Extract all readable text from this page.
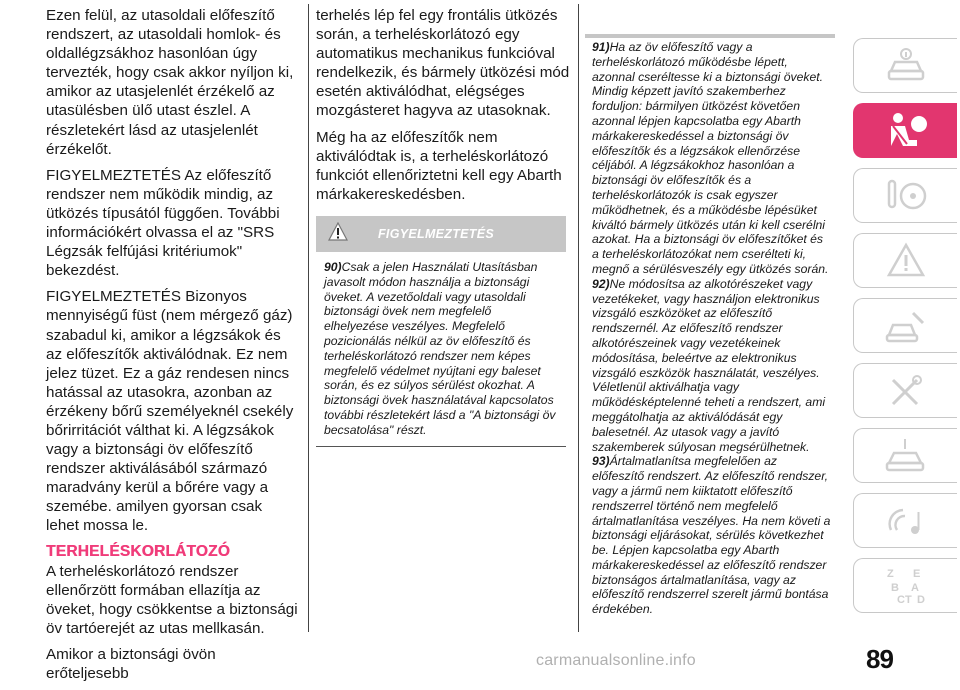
Ezen felül, az utasoldali előfeszítő rendszert, az utasoldali homlok- és oldallégzsákhoz hasonlóan úgy tervezték, hogy csak akkor nyíljon ki, amikor az utasjelenlét érzékelő az utasülésben ülő utast észlel. A részletekért lásd az utasjelenlét érzékelőt.

FIGYELMEZTETÉS Az előfeszítő rendszer nem működik mindig, az ütközés típusától függően. További információkért olvassa el az "SRS Légzsák felfújási kritériumok" bekezdést.

FIGYELMEZTETÉS Bizonyos mennyiségű füst (nem mérgező gáz) szabadul ki, amikor a légzsákok és az előfeszítők aktiválódnak. Ez nem jelez tüzet. Ez a gáz rendesen nincs hatással az utasokra, azonban az érzékeny bőrű személyeknél csekély bőrirritációt válthat ki. A légzsákok vagy a biztonsági öv előfeszítő rendszer aktiválásából származó maradvány kerül a bőrére vagy a szemébe. amilyen gyorsan csak lehet mossa le.

TERHELÉSKORLÁTOZÓ

A terheléskorlátozó rendszer ellenőrzött formában ellazítja az öveket, hogy csökkentse a biztonsági öv tartóerejét az utas mellkasán.

Amikor a biztonsági övön erőteljesebb

terhelés lép fel egy frontális ütközés során, a terheléskorlátozó egy automatikus mechanikus funkcióval rendelkezik, és bármely ütközési mód esetén aktiválódhat, elégséges mozgásteret hagyva az utasoknak.

Még ha az előfeszítők nem aktiválódtak is, a terheléskorlátozó funkciót ellenőriztetni kell egy Abarth márkakereskedésben.

FIGYELMEZTETÉS

90)Csak a jelen Használati Utasításban javasolt módon használja a biztonsági öveket. A vezetőoldali vagy utasoldali biztonsági övek nem megfelelő elhelyezése veszélyes. Megfelelő pozicionálás nélkül az öv előfeszítő és terheléskorlátozó rendszer nem képes megfelelő védelmet nyújtani egy baleset során, és ez súlyos sérülést okozhat. A biztonsági övek használatával kapcsolatos további részletekért lásd a "A biztonsági öv becsatolása" részt.

91)Ha az öv előfeszítő vagy a terheléskorlátozó működésbe lépett, azonnal cseréltesse ki a biztonsági öveket. Mindig képzett javító szakemberhez forduljon: bármilyen ütközést követően azonnal lépjen kapcsolatba egy Abarth márkakereskedéssel a biztonsági öv előfeszítők és a légzsákok ellenőrzése céljából. A légzsákokhoz hasonlóan a biztonsági öv előfeszítők és a terheléskorlátozók is csak egyszer működhetnek, és a működésbe lépésüket kiváltó bármely ütközés után ki kell cserélni azokat. Ha a biztonsági öv előfeszítőket és a terheléskorlátozókat nem cserélteti ki, megnő a sérülésveszély egy ütközés során.

92)Ne módosítsa az alkotórészeket vagy vezetékeket, vagy használjon elektronikus vizsgáló eszközöket az előfeszítő rendszernél. Az előfeszítő rendszer alkotórészeinek vagy vezetékeinek módosítása, beleértve az elektronikus vizsgáló eszközök használatát, veszélyes. Véletlenül aktiválhatja vagy működésképtelenné teheti a rendszert, ami meggátolhatja az aktiválódását egy balesetnél. Az utasok vagy a javító szakemberek súlyosan megsérülhetnek.

93)Ártalmatlanítsa megfelelően az előfeszítő rendszert. Az előfeszítő rendszer, vagy a jármű nem kiiktatott előfeszítő rendszerrel történő nem megfelelő ártalmatlanítása veszélyes. Ha nem követi a biztonsági eljárásokat, sérülés következhet be. Lépjen kapcsolatba egy Abarth márkakereskedéssel az előfeszítő rendszer biztonságos ártalmatlanítása, vagy az előfeszítő rendszerrel szerelt jármű bontása érdekében.

Z E
B A
C T D
carmanualsonline.info	89
